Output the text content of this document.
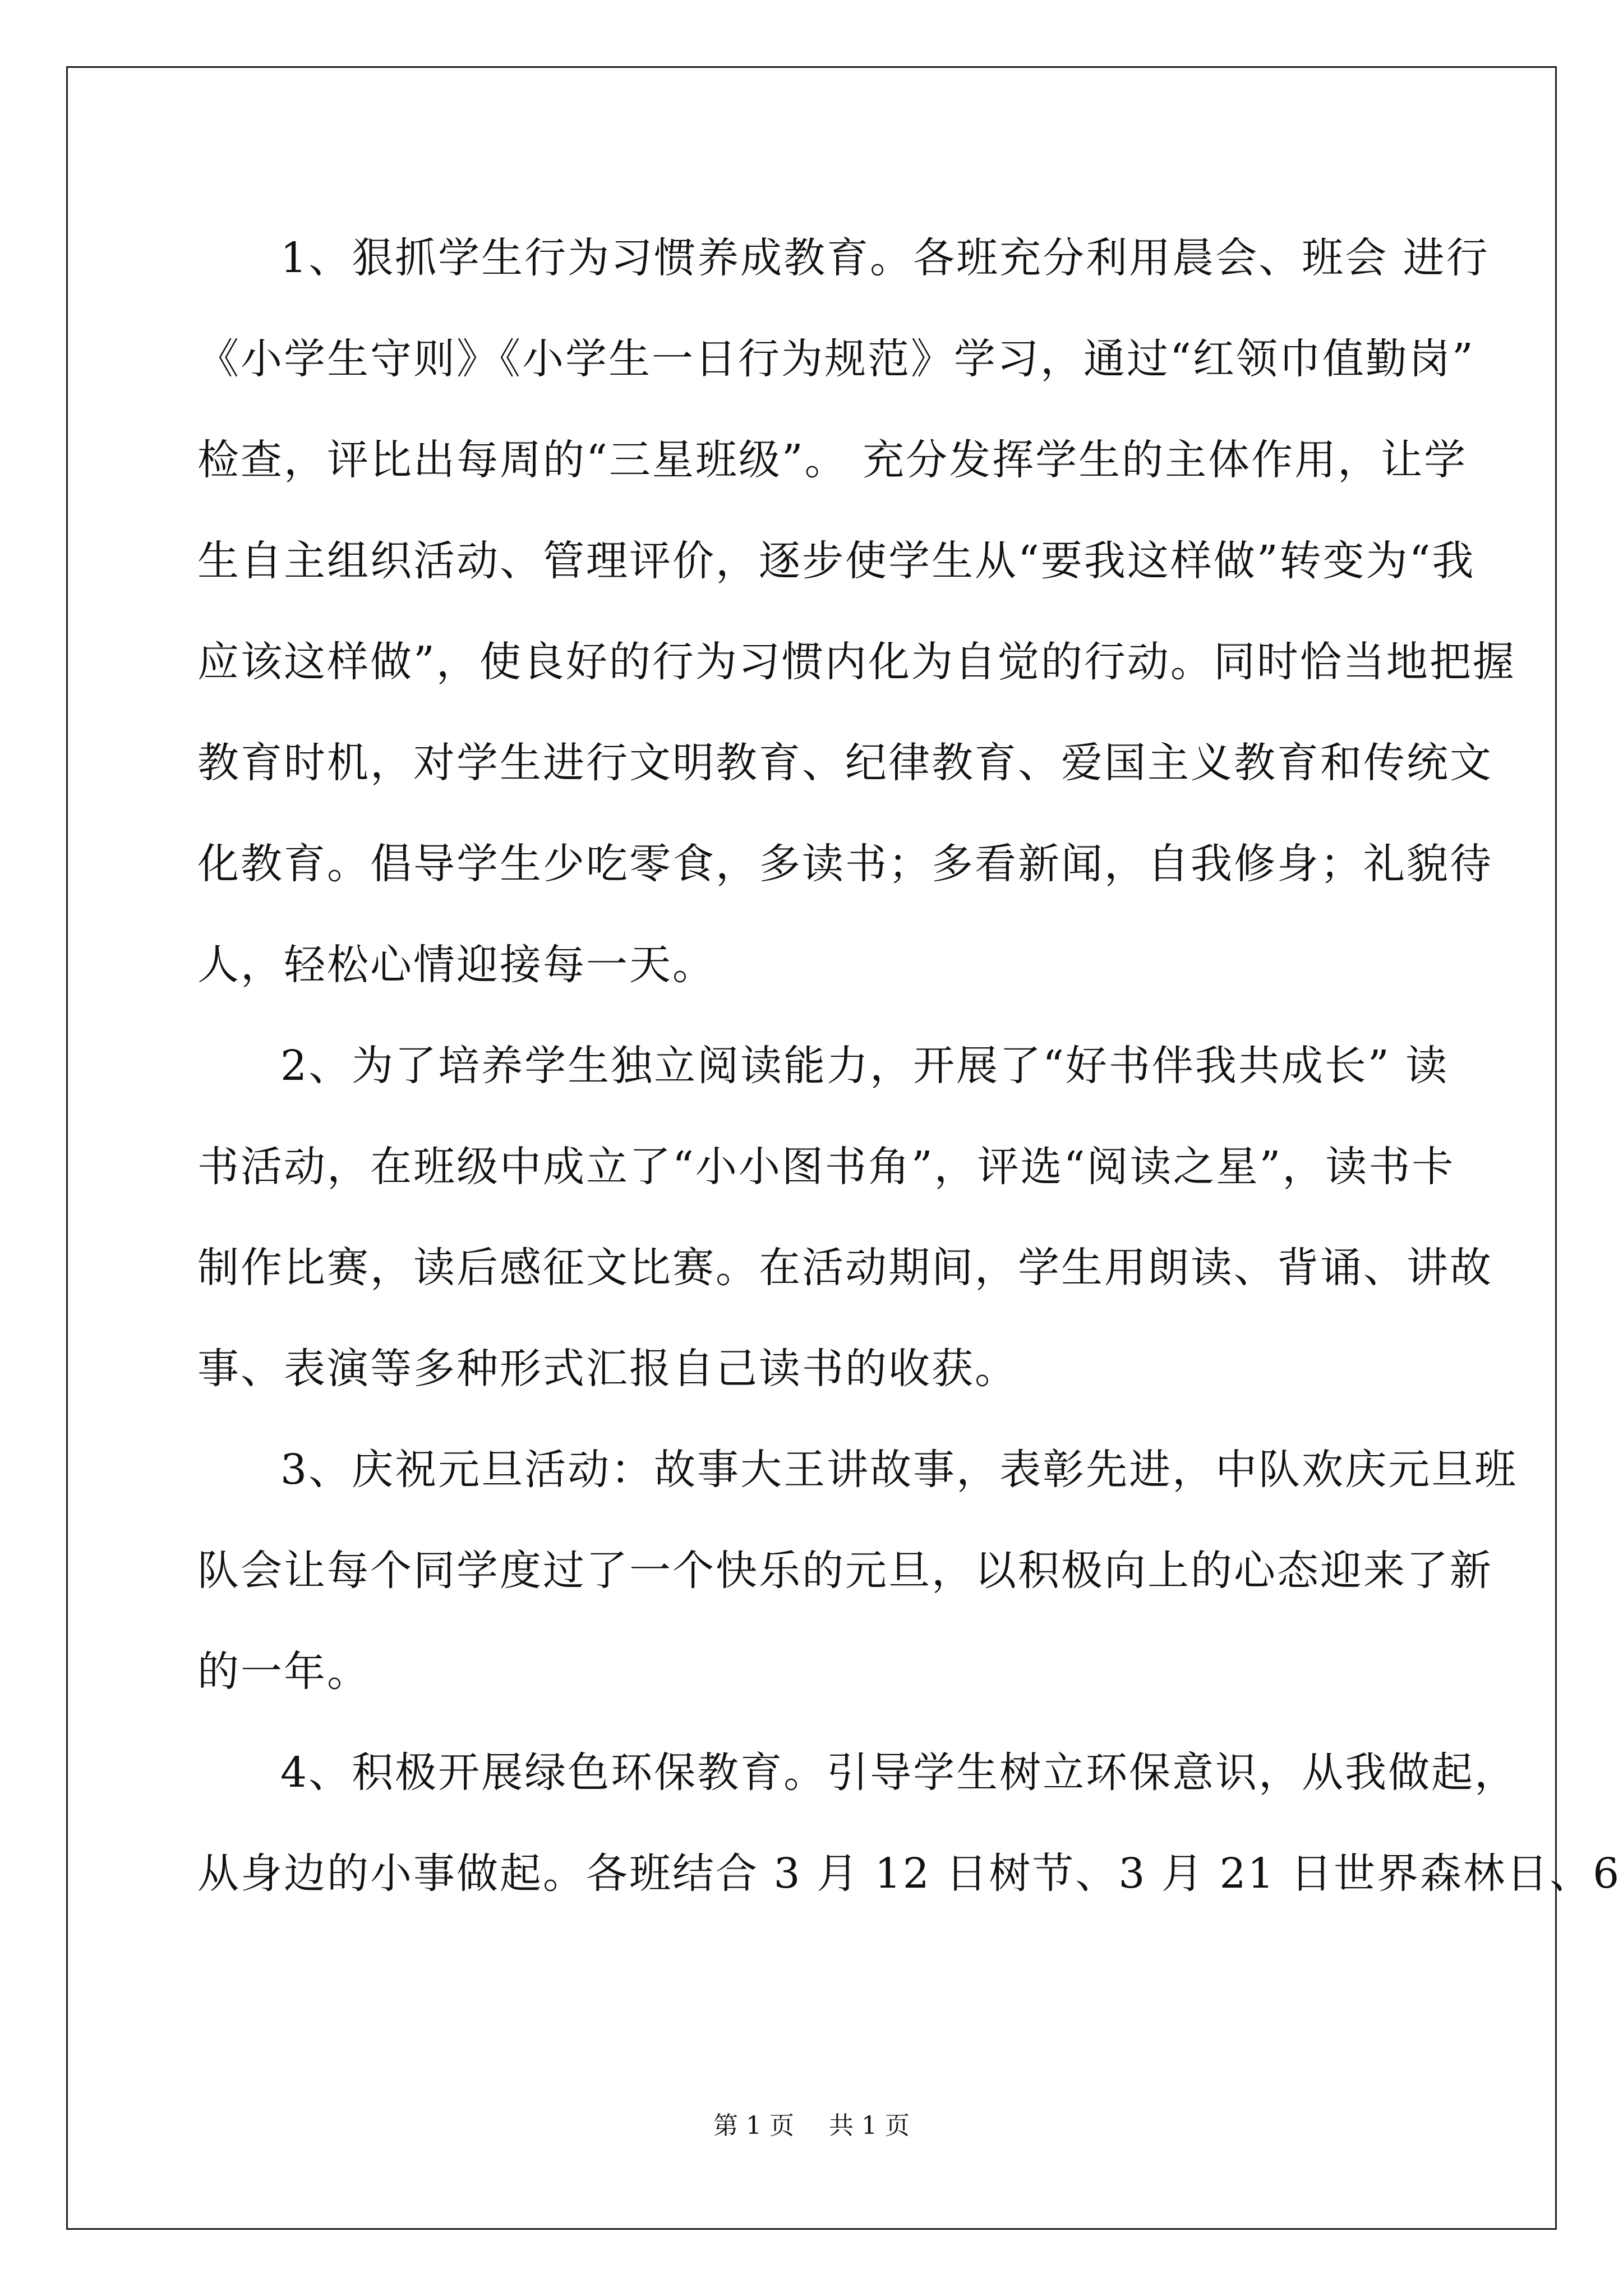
1、狠抓学生行为习惯养成教育。各班充分利用晨会、班会 进行
《小学生守则》《小学生一日行为规范》学习，通过“红领巾值勤岗”
检查，评比出每周的“三星班级”。 充分发挥学生的主体作用，让学
生自主组织活动、管理评价，逐步使学生从“要我这样做”转变为“我
应该这样做”，使良好的行为习惯内化为自觉的行动。同时恰当地把握
教育时机，对学生进行文明教育、纪律教育、爱国主义教育和传统文
化教育。倡导学生少吃零食，多读书；多看新闻，自我修身；礼貌待
人，轻松心情迎接每一天。
2、为了培养学生独立阅读能力，开展了“好书伴我共成长” 读
书活动，在班级中成立了“小小图书角”，评选“阅读之星”，读书卡
制作比赛，读后感征文比赛。在活动期间，学生用朗读、背诵、讲故
事、表演等多种形式汇报自己读书的收获。
3、庆祝元旦活动：故事大王讲故事，表彰先进，中队欢庆元旦班
队会让每个同学度过了一个快乐的元旦，以积极向上的心态迎来了新
的一年。
4、积极开展绿色环保教育。引导学生树立环保意识，从我做起，
从身边的小事做起。各班结合 3 月 12 日树节、3 月 21 日世界森林日、6
第 1 页 共 1 页
